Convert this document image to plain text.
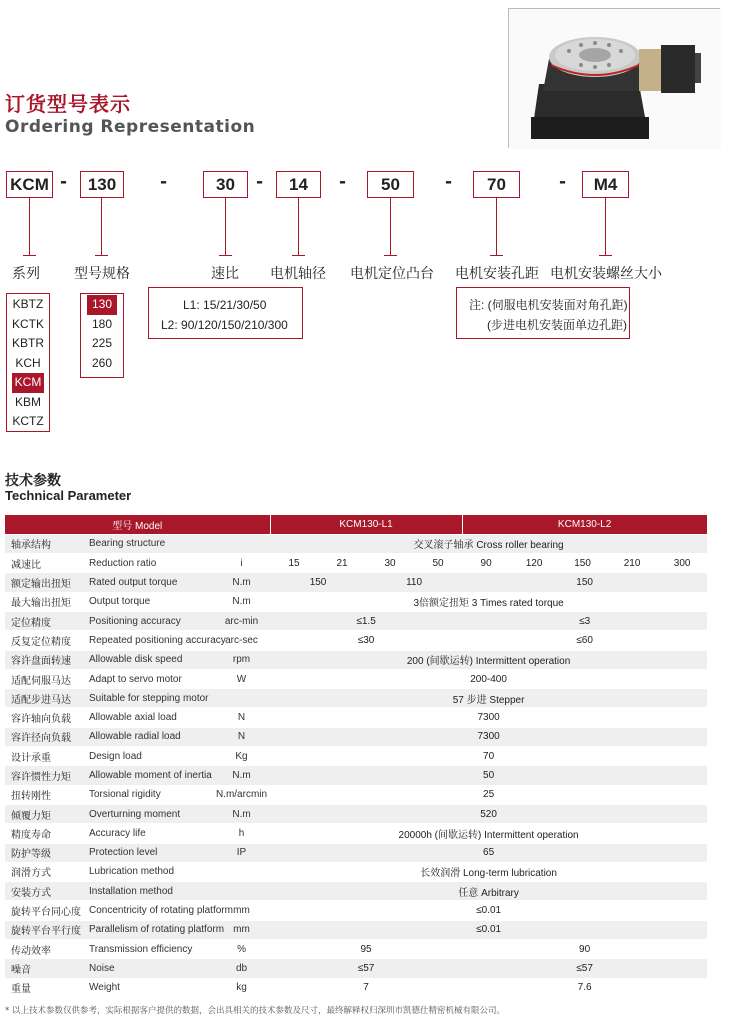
订货型号表示
Ordering Representation
KCM -	130	-	30	-	14	-	50	-	70	-	M4
系列 型号规格	速比 电机轴径 电机定位凸台 电机安装孔距 电机安装螺丝大小
KBTZ
KCTK
KBTR
KCH
KCM
KBM
KCTZ
130
180
225
260
L1: 15/21/30/50
L2: 90/120/150/210/300
注: (伺服电机安装面对角孔距)
(步进电机安装面单边孔距)
技术参数
Technical Parameter
型号 Model			KCM130-L1				KCM130-L2				
轴承结构	Bearing structure		交叉滚子轴承 Cross roller bearing								
减速比	Reduction ratio	i	15	21	30	50	90	120	150	210	300
额定输出扭矩	Rated output torque	N.m	150		110		150				
最大输出扭矩	Output torque	N.m	3倍额定扭矩 3 Times rated torque								
定位精度	Positioning accuracy	arc-min	≤1.5				≤3				
反复定位精度	Repeated positioning accuracy	arc-sec	≤30				≤60				
容许盘面转速	Allowable disk speed	rpm	200 (间歇运转) Intermittent operation								
适配伺服马达	Adapt to servo motor	W	200-400								
适配步进马达	Suitable for stepping motor		57 步进 Stepper								
容许轴向负载	Allowable axial load	N	7300								
容许径向负载	Allowable radial load	N	7300								
设计承重	Design load	Kg	70								
容许惯性力矩	Allowable moment of inertia	N.m	50								
扭转刚性	Torsional rigidity	N.m/arcmin	25								
倾覆力矩	Overturning moment	N.m	520								
精度寿命	Accuracy life	h	20000h (间歇运转) Intermittent operation								
防护等级	Protection level	IP	65								
润滑方式	Lubrication method		长效润滑 Long-term lubrication								
安装方式	Installation method		任意 Arbitrary								
旋转平台同心度	Concentricity of rotating platform	mm	≤0.01								
旋转平台平行度	Parallelism of rotating platform	mm	≤0.01								
传动效率	Transmission efficiency	%	95				90				
噪音	Noise	db	≤57				≤57				
重量	Weight	kg	7				7.6				
* 以上技术参数仅供参考，实际根据客户提供的数据，会出具相关的技术参数及尺寸，最终解释权归深圳市凯德仕精密机械有限公司。
